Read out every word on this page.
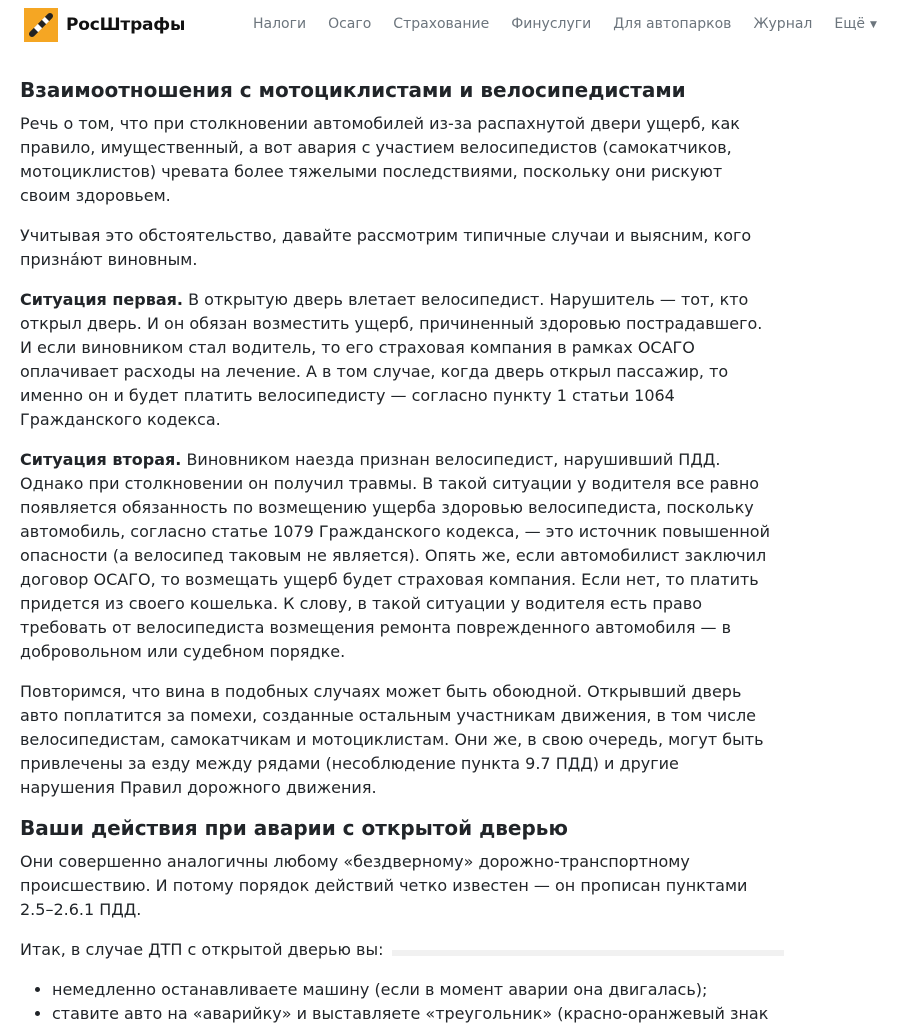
РосШтрафы	Налоги Осаго Страхование Финуслуги Для автопарков Журнал Ещё ▼
Взаимоотношения с мотоциклистами и велосипедистами

Речь о том, что при столкновении автомобилей из-за распахнутой двери ущерб, как правило, имущественный, а вот авария с участием велосипедистов (самокатчиков, мотоциклистов) чревата более тяжелыми последствиями, поскольку они рискуют своим здоровьем.

Учитывая это обстоятельство, давайте рассмотрим типичные случаи и выясним, кого призна́ют виновным.

Ситуация первая. В открытую дверь влетает велосипедист. Нарушитель — тот, кто открыл дверь. И он обязан возместить ущерб, причиненный здоровью пострадавшего. И если виновником стал водитель, то его страховая компания в рамках ОСАГО оплачивает расходы на лечение. А в том случае, когда дверь открыл пассажир, то именно он и будет платить велосипедисту — согласно пункту 1 статьи 1064 Гражданского кодекса.

Ситуация вторая. Виновником наезда признан велосипедист, нарушивший ПДД. Однако при столкновении он получил травмы. В такой ситуации у водителя все равно появляется обязанность по возмещению ущерба здоровью велосипедиста, поскольку автомобиль, согласно статье 1079 Гражданского кодекса, — это источник повышенной опасности (а велосипед таковым не является). Опять же, если автомобилист заключил договор ОСАГО, то возмещать ущерб будет страховая компания. Если нет, то платить придется из своего кошелька. К слову, в такой ситуации у водителя есть право требовать от велосипедиста возмещения ремонта поврежденного автомобиля — в добровольном или судебном порядке.

Повторимся, что вина в подобных случаях может быть обоюдной. Открывший дверь авто поплатится за помехи, созданные остальным участникам движения, в том числе велосипедистам, самокатчикам и мотоциклистам. Они же, в свою очередь, могут быть привлечены за езду между рядами (несоблюдение пункта 9.7 ПДД) и другие нарушения Правил дорожного движения.

Ваши действия при аварии с открытой дверью

Они совершенно аналогичны любому «бездверному» дорожно-транспортному происшествию. И потому порядок действий четко известен — он прописан пунктами 2.5–2.6.1 ПДД.

Итак, в случае ДТП с открытой дверью вы:

• немедленно останавливаете машину (если в момент аварии она двигалась);
• ставите авто на «аварийку» и выставляете «треугольник» (красно-оранжевый знак
